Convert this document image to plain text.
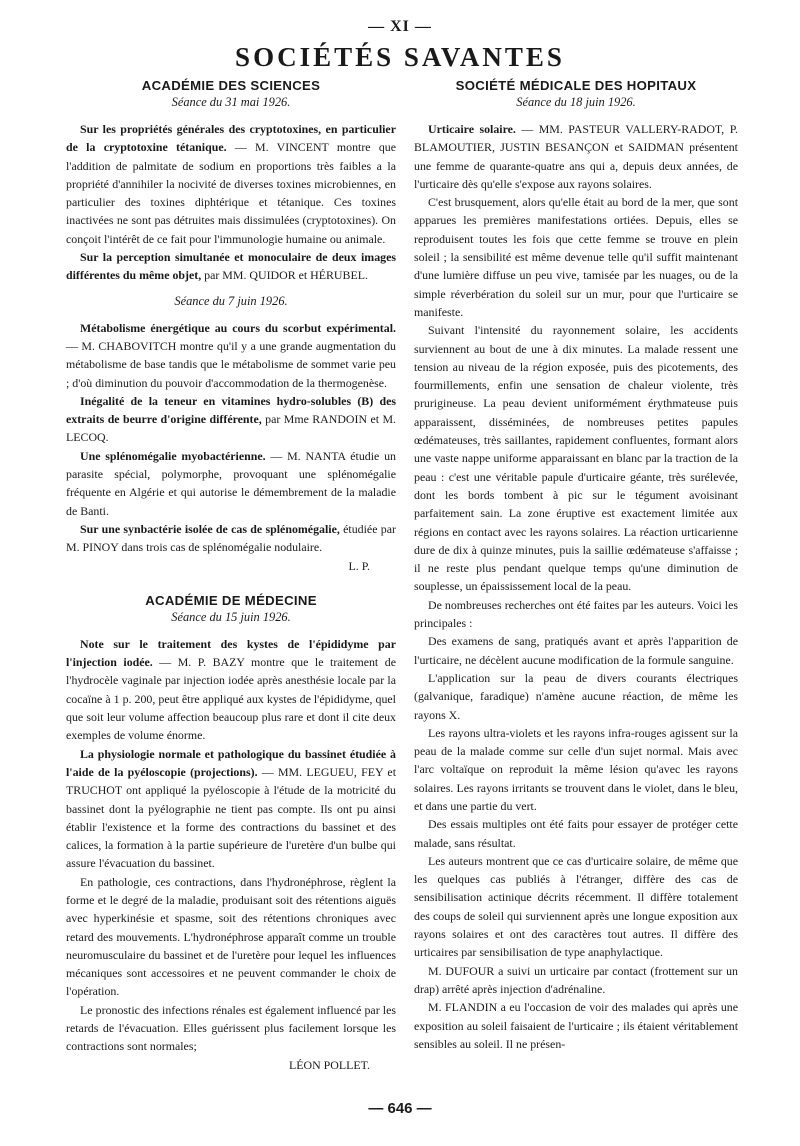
— XI —
SOCIÉTÉS SAVANTES
ACADÉMIE DES SCIENCES
Séance du 31 mai 1926.

Sur les propriétés générales des cryptotoxines, en particulier de la cryptotoxine tétanique. — M. VINCENT montre que l'addition de palmitate de sodium en proportions très faibles a la propriété d'annihiler la nocivité de diverses toxines microbiennes, en particulier des toxines diphtérique et tétanique. Ces toxines inactivées ne sont pas détruites mais dissimulées (cryptotoxines). On conçoit l'intérêt de ce fait pour l'immunologie humaine ou animale.

Sur la perception simultanée et monoculaire de deux images différentes du même objet, par MM. QUIDOR et HÉRUBEL.

Séance du 7 juin 1926.

Métabolisme énergétique au cours du scorbut expérimental. — M. CHABOVITCH montre qu'il y a une grande augmentation du métabolisme de base tandis que le métabolisme de sommet varie peu ; d'où diminution du pouvoir d'accommodation de la thermogenèse.

Inégalité de la teneur en vitamines hydro-solubles (B) des extraits de beurre d'origine différente, par Mme RANDOIN et M. LECOQ.

Une splénomégalie myobactérienne. — M. NANTA étudie un parasite spécial, polymorphe, provoquant une splénomégalie fréquente en Algérie et qui autorise le démembrement de la maladie de Banti.

Sur une synbactérie isolée de cas de splénomégalie, étudiée par M. PINOY dans trois cas de splénomégalie nodulaire.

L. P.

ACADÉMIE DE MÉDECINE
Séance du 15 juin 1926.

Note sur le traitement des kystes de l'épididyme par l'injection iodée. — M. P. BAZY montre que le traitement de l'hydrocèle vaginale par injection iodée après anesthésie locale par la cocaïne à 1 p. 200, peut être appliqué aux kystes de l'épididyme, quel que soit leur volume affection beaucoup plus rare et dont il cite deux exemples de volume énorme.

La physiologie normale et pathologique du bassinet étudiée à l'aide de la pyéloscopie (projections). — MM. LEGUEU, FEY et TRUCHOT ont appliqué la pyéloscopie à l'étude de la motricité du bassinet dont la pyélographie ne tient pas compte. Ils ont pu ainsi établir l'existence et la forme des contractions du bassinet et des calices, la formation à la partie supérieure de l'uretère d'un bulbe qui assure l'évacuation du bassinet.

En pathologie, ces contractions, dans l'hydronéphrose, règlent la forme et le degré de la maladie, produisant soit des rétentions aiguës avec hyperkinésie et spasme, soit des rétentions chroniques avec retard des mouvements. L'hydronéphrose apparaît comme un trouble neuromusculaire du bassinet et de l'uretère pour lequel les influences mécaniques sont accessoires et ne peuvent commander le choix de l'opération.

Le pronostic des infections rénales est également influencé par les retards de l'évacuation. Elles guérissent plus facilement lorsque les contractions sont normales;

LÉON POLLET.

SOCIÉTÉ MÉDICALE DES HOPITAUX
Séance du 18 juin 1926.

Urticaire solaire. — MM. PASTEUR VALLERY-RADOT, P. BLAMOUTIER, JUSTIN BESANÇON et SAIDMAN présentent une femme de quarante-quatre ans qui a, depuis deux années, de l'urticaire dès qu'elle s'expose aux rayons solaires.

C'est brusquement, alors qu'elle était au bord de la mer, que sont apparues les premières manifestations ortiées. Depuis, elles se reproduisent toutes les fois que cette femme se trouve en plein soleil ; la sensibilité est même devenue telle qu'il suffit maintenant d'une lumière diffuse un peu vive, tamisée par les nuages, ou de la simple réverbération du soleil sur un mur, pour que l'urticaire se manifeste.

Suivant l'intensité du rayonnement solaire, les accidents surviennent au bout de une à dix minutes. La malade ressent une tension au niveau de la région exposée, puis des picotements, des fourmillements, enfin une sensation de chaleur violente, très prurigineuse. La peau devient uniformément érythmateuse puis apparaissent, disséminées, de nombreuses petites papules œdémateuses, très saillantes, rapidement confluentes, formant alors une vaste nappe uniforme apparaissant en blanc par la traction de la peau : c'est une véritable papule d'urticaire géante, très surélevée, dont les bords tombent à pic sur le tégument avoisinant parfaitement sain. La zone éruptive est exactement limitée aux régions en contact avec les rayons solaires. La réaction urticarienne dure de dix à quinze minutes, puis la saillie œdémateuse s'affaisse ; il ne reste plus pendant quelque temps qu'une diminution de souplesse, un épaississement local de la peau.

De nombreuses recherches ont été faites par les auteurs. Voici les principales :

Des examens de sang, pratiqués avant et après l'apparition de l'urticaire, ne décèlent aucune modification de la formule sanguine.

L'application sur la peau de divers courants électriques (galvanique, faradique) n'amène aucune réaction, de même les rayons X.

Les rayons ultra-violets et les rayons infra-rouges agissent sur la peau de la malade comme sur celle d'un sujet normal. Mais avec l'arc voltaïque on reproduit la même lésion qu'avec les rayons solaires. Les rayons irritants se trouvent dans le violet, dans le bleu, et dans une partie du vert.

Des essais multiples ont été faits pour essayer de protéger cette malade, sans résultat.

Les auteurs montrent que ce cas d'urticaire solaire, de même que les quelques cas publiés à l'étranger, diffère des cas de sensibilisation actinique décrits récemment. Il diffère totalement des coups de soleil qui surviennent après une longue exposition aux rayons solaires et ont des caractères tout autres. Il diffère des urticaires par sensibilisation de type anaphylactique.

M. DUFOUR a suivi un urticaire par contact (frottement sur un drap) arrêté après injection d'adrénaline.

M. FLANDIN a eu l'occasion de voir des malades qui après une exposition au soleil faisaient de l'urticaire ; ils étaient véritablement sensibles au soleil. Il ne présen-

— 646 —
